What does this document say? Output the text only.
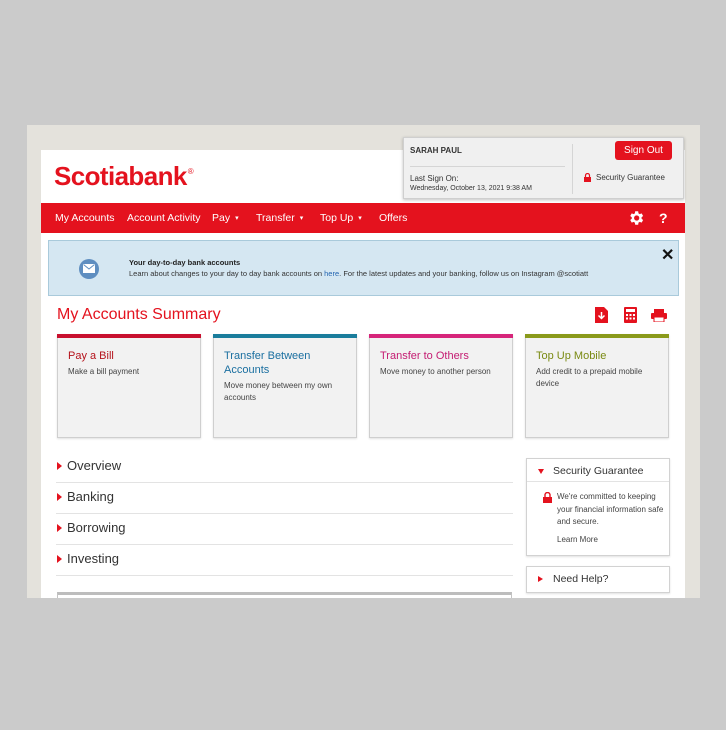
Scotiabank®
SARAH PAUL
Last Sign On:
Wednesday, October 13, 2021 9:38 AM
Sign Out
Security Guarantee
My Accounts Account Activity Pay ▾ Transfer ▾ Top Up ▾ Offers	?
Your day-to-day bank accounts
Learn about changes to your day to day bank accounts on here. For the latest updates and your banking, follow us on Instagram @scotiatt
✕
My Accounts Summary
Pay a Bill
Make a bill payment
Transfer Between Accounts
Move money between my own accounts
Transfer to Others
Move money to another person
Top Up Mobile
Add credit to a prepaid mobile device
Overview
Banking
Borrowing
Investing
Security Guarantee
We're committed to keeping your financial information safe and secure.
Learn More
Need Help?
